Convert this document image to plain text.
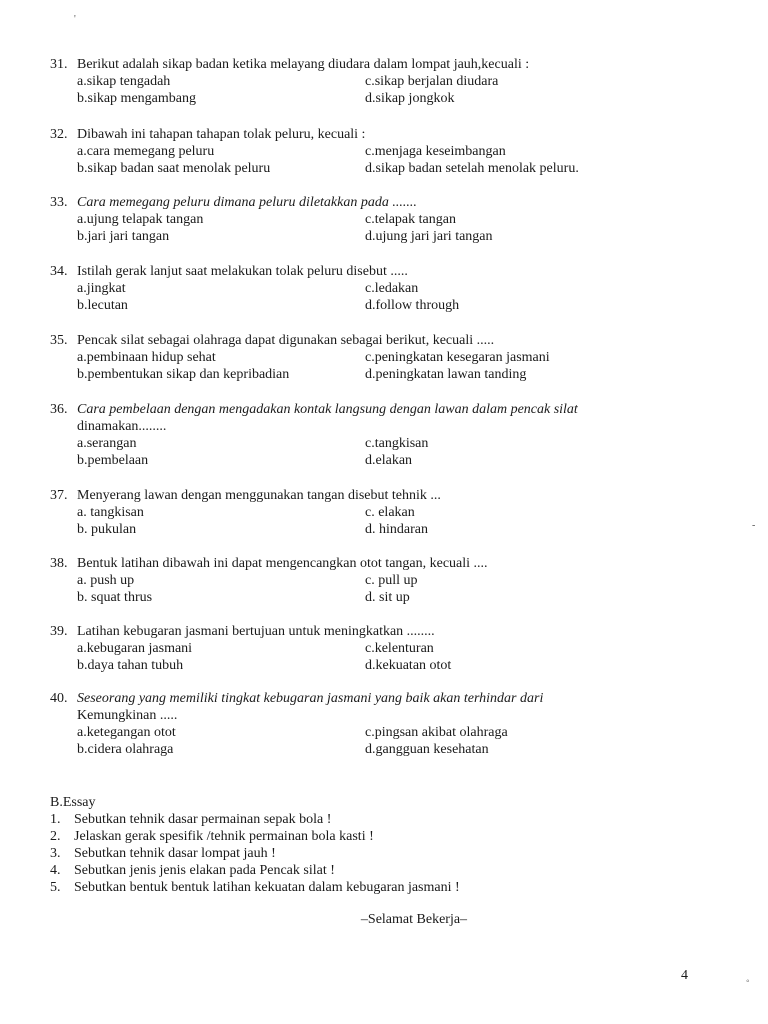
31. Berikut adalah sikap badan ketika melayang diudara dalam lompat jauh,kecuali :
a.sikap tengadah	c.sikap berjalan diudara
b.sikap mengambang	d.sikap jongkok
32. Dibawah ini tahapan tahapan tolak peluru, kecuali :
a.cara memegang peluru	c.menjaga keseimbangan
b.sikap badan saat menolak peluru	d.sikap badan setelah menolak peluru.
33. Cara memegang peluru dimana peluru diletakkan pada .......
a.ujung telapak tangan	c.telapak tangan
b.jari jari tangan	d.ujung jari jari tangan
34. Istilah gerak lanjut saat melakukan tolak peluru disebut .....
a.jingkat	c.ledakan
b.lecutan	d.follow through
35. Pencak silat sebagai olahraga dapat digunakan sebagai berikut, kecuali .....
a.pembinaan hidup sehat	c.peningkatan kesegaran jasmani
b.pembentukan sikap dan kepribadian	d.peningkatan lawan tanding
36. Cara pembelaan dengan mengadakan kontak langsung dengan lawan dalam pencak silat
dinamakan........
a.serangan	c.tangkisan
b.pembelaan	d.elakan
37. Menyerang lawan dengan menggunakan tangan disebut tehnik ...
a. tangkisan	c. elakan
b. pukulan	d. hindaran
38. Bentuk latihan dibawah ini dapat mengencangkan otot tangan, kecuali ....
a. push up	c. pull up
b. squat thrus	d. sit up
39. Latihan kebugaran jasmani bertujuan untuk meningkatkan ........
a.kebugaran jasmani	c.kelenturan
b.daya tahan tubuh	d.kekuatan otot
40. Seseorang yang memiliki tingkat kebugaran jasmani yang baik akan terhindar dari
Kemungkinan .....
a.ketegangan otot	c.pingsan akibat olahraga
b.cidera olahraga	d.gangguan kesehatan
B.Essay
1. Sebutkan tehnik dasar permainan sepak bola !
2. Jelaskan gerak spesifik /tehnik permainan bola kasti !
3. Sebutkan tehnik dasar lompat jauh !
4. Sebutkan jenis jenis elakan pada Pencak silat !
5. Sebutkan bentuk bentuk latihan kekuatan dalam kebugaran jasmani !
–Selamat Bekerja–
4
'
-
◦
